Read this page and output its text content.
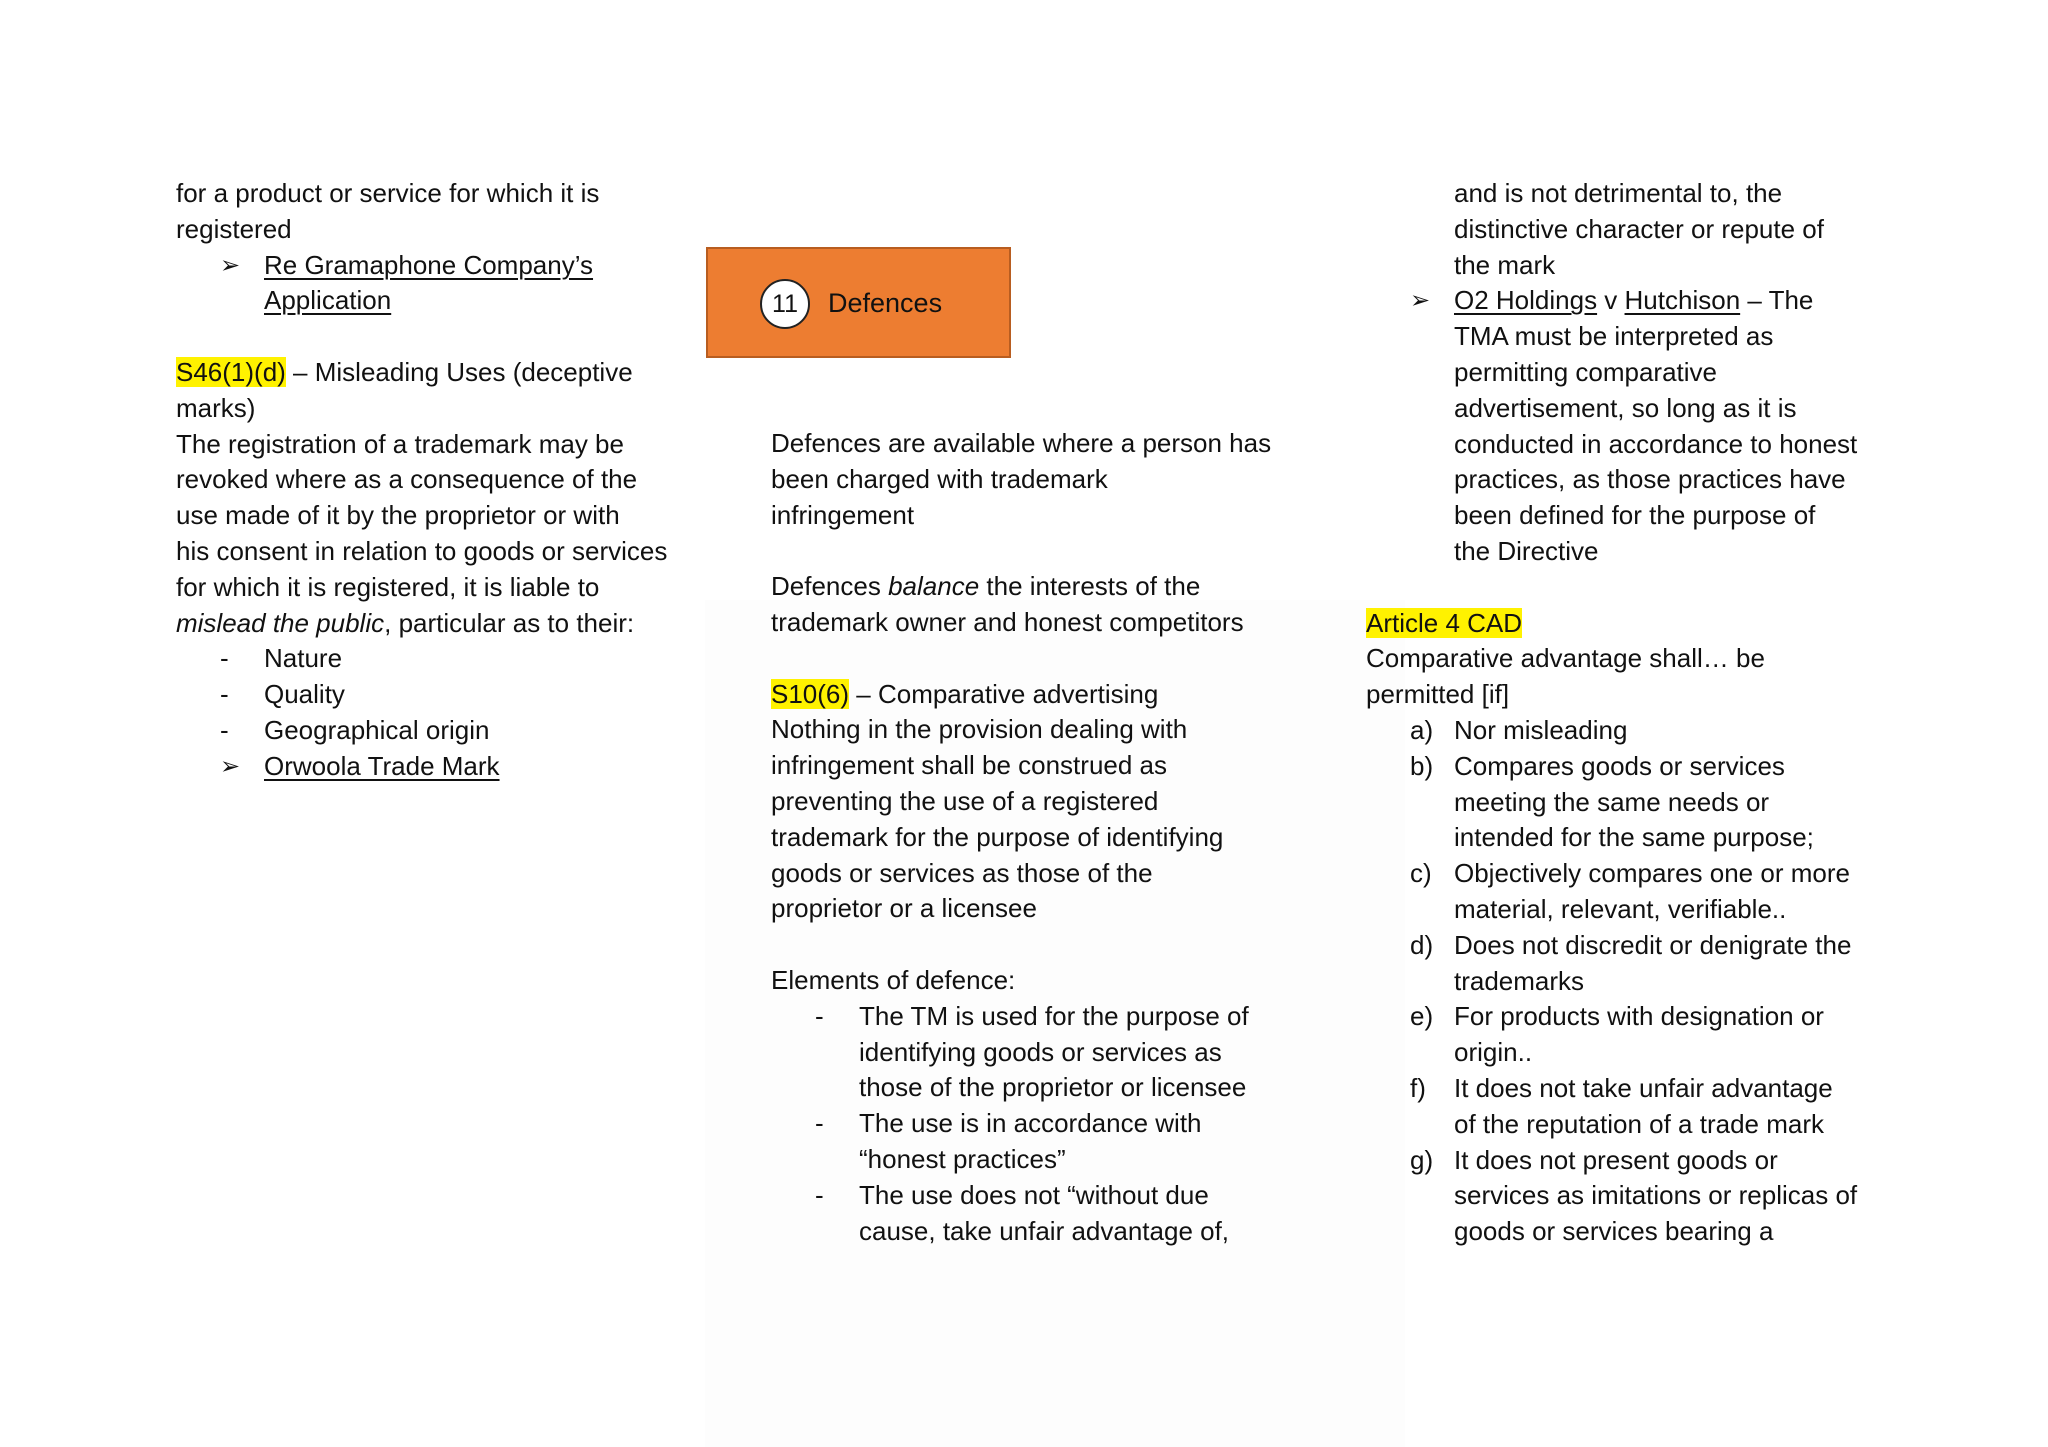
for a product or service for which it is
registered
➢ Re Gramaphone Company’s
Application
S46(1)(d) – Misleading Uses (deceptive
marks)
The registration of a trademark may be
revoked where as a consequence of the
use made of it by the proprietor or with
his consent in relation to goods or services
for which it is registered, it is liable to
mislead the public, particular as to their:
- Nature
- Quality
- Geographical origin
➢ Orwoola Trade Mark
11	Defences
Defences are available where a person has
been charged with trademark
infringement
Defences balance the interests of the
trademark owner and honest competitors
S10(6) – Comparative advertising
Nothing in the provision dealing with
infringement shall be construed as
preventing the use of a registered
trademark for the purpose of identifying
goods or services as those of the
proprietor or a licensee
Elements of defence:
- The TM is used for the purpose of
identifying goods or services as
those of the proprietor or licensee
- The use is in accordance with
“honest practices”
- The use does not “without due
cause, take unfair advantage of,
and is not detrimental to, the
distinctive character or repute of
the mark
➢ O2 Holdings v Hutchison – The
TMA must be interpreted as
permitting comparative
advertisement, so long as it is
conducted in accordance to honest
practices, as those practices have
been defined for the purpose of
the Directive
Article 4 CAD
Comparative advantage shall… be
permitted [if]
a) Nor misleading
b) Compares goods or services
meeting the same needs or
intended for the same purpose;
c) Objectively compares one or more
material, relevant, verifiable..
d) Does not discredit or denigrate the
trademarks
e) For products with designation or
origin..
f) It does not take unfair advantage
of the reputation of a trade mark
g) It does not present goods or
services as imitations or replicas of
goods or services bearing a
